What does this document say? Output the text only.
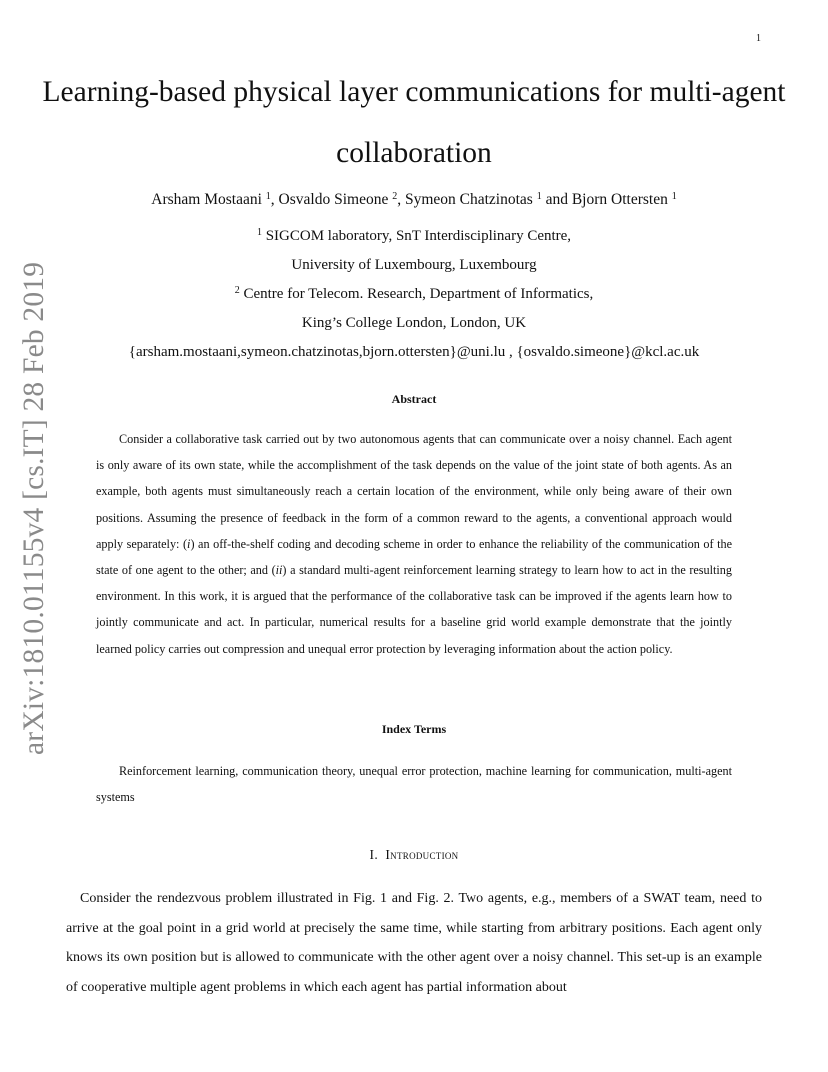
1
arXiv:1810.01155v4 [cs.IT] 28 Feb 2019
Learning-based physical layer communications for multi-agent collaboration
Arsham Mostaani $^1$, Osvaldo Simeone $^2$, Symeon Chatzinotas $^1$ and Bjorn Ottersten $^1$
$^1$ SIGCOM laboratory, SnT Interdisciplinary Centre,
University of Luxembourg, Luxembourg
$^2$ Centre for Telecom. Research, Department of Informatics,
King’s College London, London, UK
{arsham.mostaani,symeon.chatzinotas,bjorn.ottersten}@uni.lu , {osvaldo.simeone}@kcl.ac.uk
Abstract

Consider a collaborative task carried out by two autonomous agents that can communicate over a noisy channel. Each agent is only aware of its own state, while the accomplishment of the task depends on the value of the joint state of both agents. As an example, both agents must simultaneously reach a certain location of the environment, while only being aware of their own positions. Assuming the presence of feedback in the form of a common reward to the agents, a conventional approach would apply separately: (i) an off-the-shelf coding and decoding scheme in order to enhance the reliability of the communication of the state of one agent to the other; and (ii) a standard multi-agent reinforcement learning strategy to learn how to act in the resulting environment. In this work, it is argued that the performance of the collaborative task can be improved if the agents learn how to jointly communicate and act. In particular, numerical results for a baseline grid world example demonstrate that the jointly learned policy carries out compression and unequal error protection by leveraging information about the action policy.

Index Terms

Reinforcement learning, communication theory, unequal error protection, machine learning for communication, multi-agent systems

I. Introduction

Consider the rendezvous problem illustrated in Fig. 1 and Fig. 2. Two agents, e.g., members of a SWAT team, need to arrive at the goal point in a grid world at precisely the same time, while starting from arbitrary positions. Each agent only knows its own position but is allowed to communicate with the other agent over a noisy channel. This set-up is an example of cooperative multiple agent problems in which each agent has partial information about
